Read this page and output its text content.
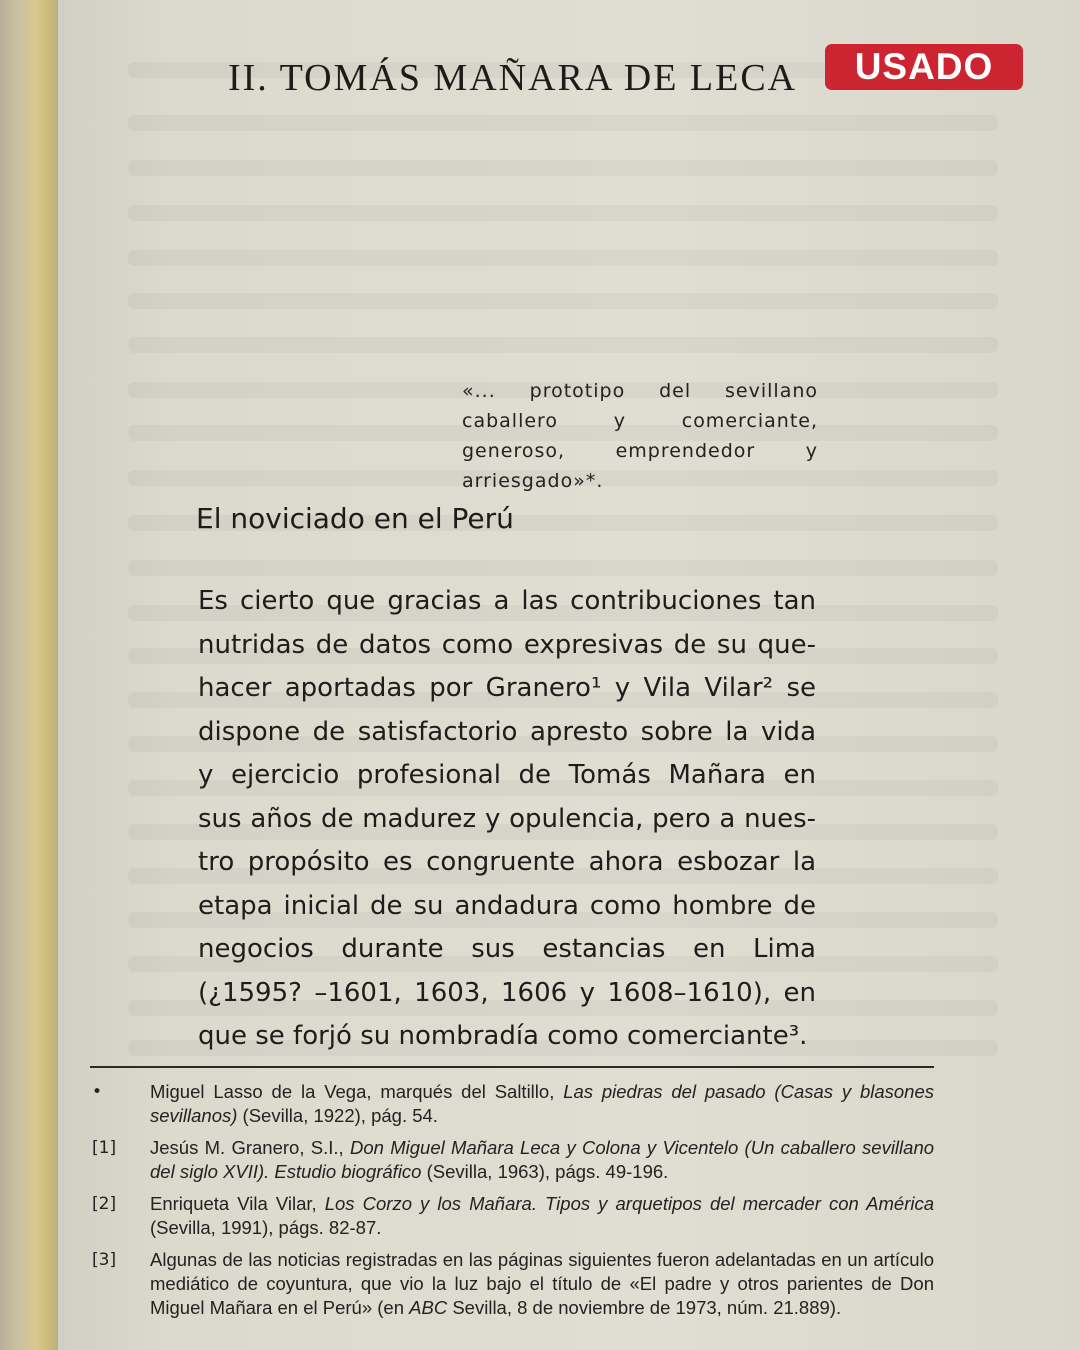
II. TOMÁS MAÑARA DE LECA	USADO

«... prototipo del sevillano caballero y comerciante, generoso, emprendedor y arriesgado»*.

El noviciado en el Perú
Es cierto que gracias a las contribuciones tan
nutridas de datos como expresivas de su que-
hacer aportadas por Granero¹ y Vila Vilar² se
dispone de satisfactorio apresto sobre la vida
y ejercicio profesional de Tomás Mañara en
sus años de madurez y opulencia, pero a nues-
tro propósito es congruente ahora esbozar la
etapa inicial de su andadura como hombre de
negocios durante sus estancias en Lima
(¿1595? –1601, 1603, 1606 y 1608–1610), en
que se forjó su nombradía como comerciante³.
•	Miguel Lasso de la Vega, marqués del Saltillo, Las piedras del pasado (Casas y blasones sevillanos) (Sevilla, 1922), pág. 54.
[1]	Jesús M. Granero, S.I., Don Miguel Mañara Leca y Colona y Vicentelo (Un caballero sevillano del siglo XVII). Estudio biográfico (Sevilla, 1963), págs. 49-196.
[2]	Enriqueta Vila Vilar, Los Corzo y los Mañara. Tipos y arquetipos del mercader con América (Sevilla, 1991), págs. 82-87.
[3]	Algunas de las noticias registradas en las páginas siguientes fueron adelantadas en un artículo mediático de coyuntura, que vio la luz bajo el título de «El padre y otros parientes de Don Miguel Mañara en el Perú» (en ABC Sevilla, 8 de noviembre de 1973, núm. 21.889).
